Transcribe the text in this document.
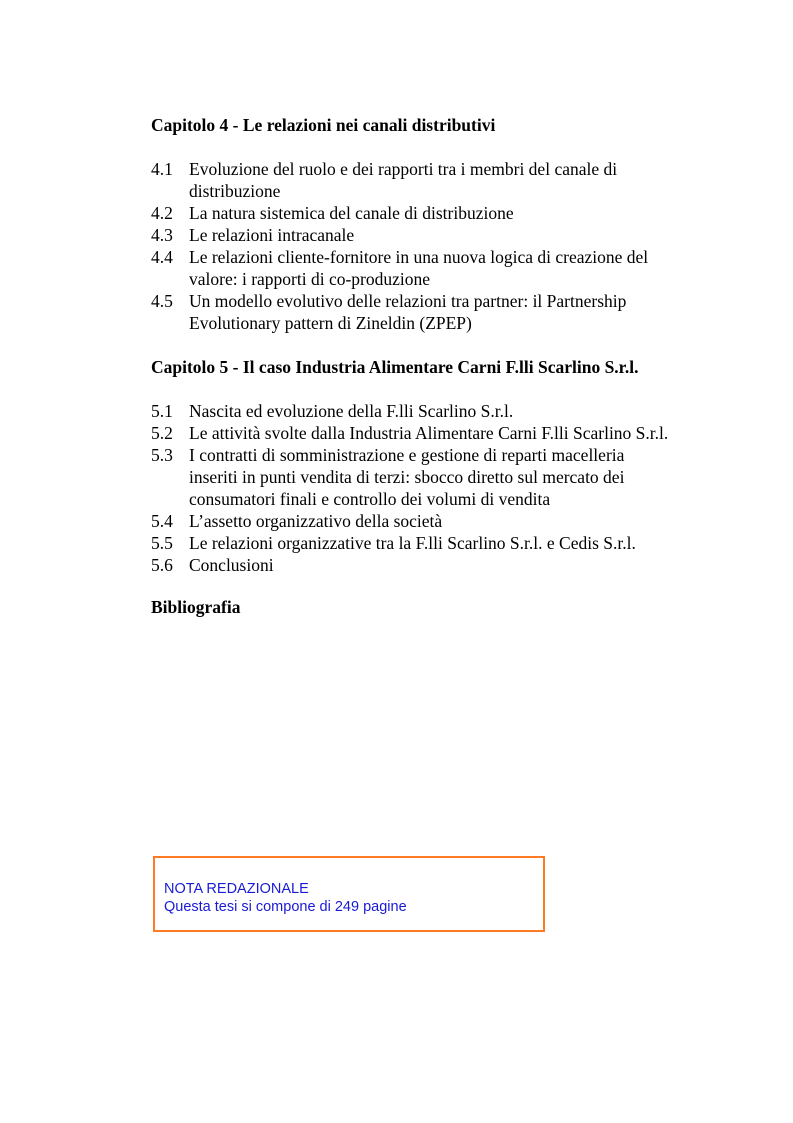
Capitolo 4 - Le relazioni nei canali distributivi
4.1 Evoluzione del ruolo e dei rapporti tra i membri del canale di distribuzione
4.2 La natura sistemica del canale di distribuzione
4.3 Le relazioni intracanale
4.4 Le relazioni cliente-fornitore in una nuova logica di creazione del valore: i rapporti di co-produzione
4.5 Un modello evolutivo delle relazioni tra partner: il Partnership Evolutionary pattern di Zineldin (ZPEP)
Capitolo 5 - Il caso Industria Alimentare Carni F.lli Scarlino S.r.l.
5.1 Nascita ed evoluzione della F.lli Scarlino S.r.l.
5.2 Le attività svolte dalla Industria Alimentare Carni F.lli Scarlino S.r.l.
5.3 I contratti di somministrazione e gestione di reparti macelleria inseriti in punti vendita di terzi: sbocco diretto sul mercato dei consumatori finali e controllo dei volumi di vendita
5.4 L’assetto organizzativo della società
5.5 Le relazioni organizzative tra la F.lli Scarlino S.r.l. e Cedis S.r.l.
5.6 Conclusioni
Bibliografia
NOTA REDAZIONALE
Questa tesi si compone di 249 pagine
